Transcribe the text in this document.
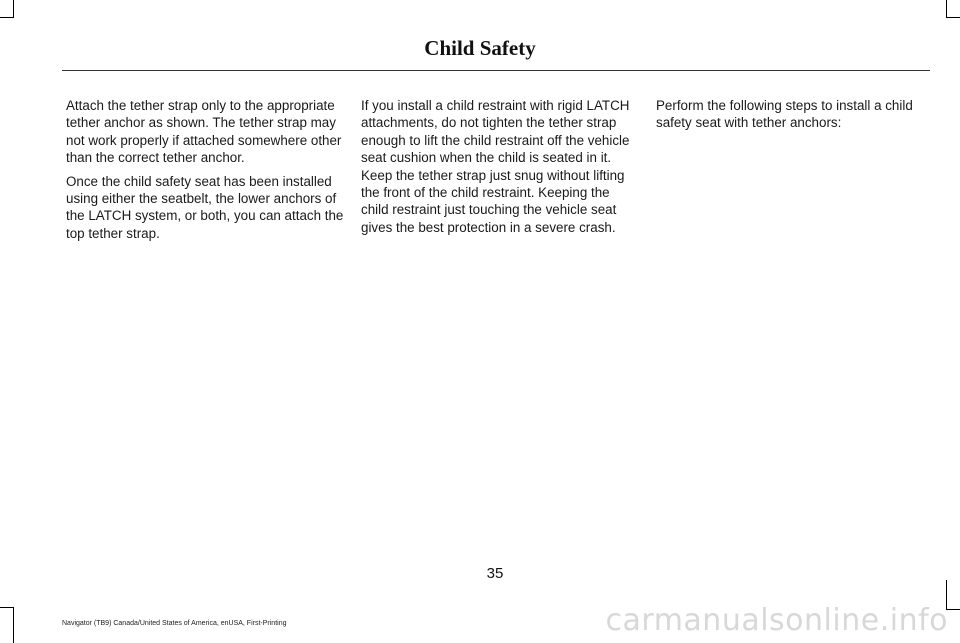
Child Safety

Attach the tether strap only to the appropriate tether anchor as shown. The tether strap may not work properly if attached somewhere other than the correct tether anchor.

Once the child safety seat has been installed using either the seatbelt, the lower anchors of the LATCH system, or both, you can attach the top tether strap.

If you install a child restraint with rigid LATCH attachments, do not tighten the tether strap enough to lift the child restraint off the vehicle seat cushion when the child is seated in it. Keep the tether strap just snug without lifting the front of the child restraint. Keeping the child restraint just touching the vehicle seat gives the best protection in a severe crash.

Perform the following steps to install a child safety seat with tether anchors:

35
Navigator (TB9) Canada/United States of America, enUSA, First-Printing	carmanualsonline.info
